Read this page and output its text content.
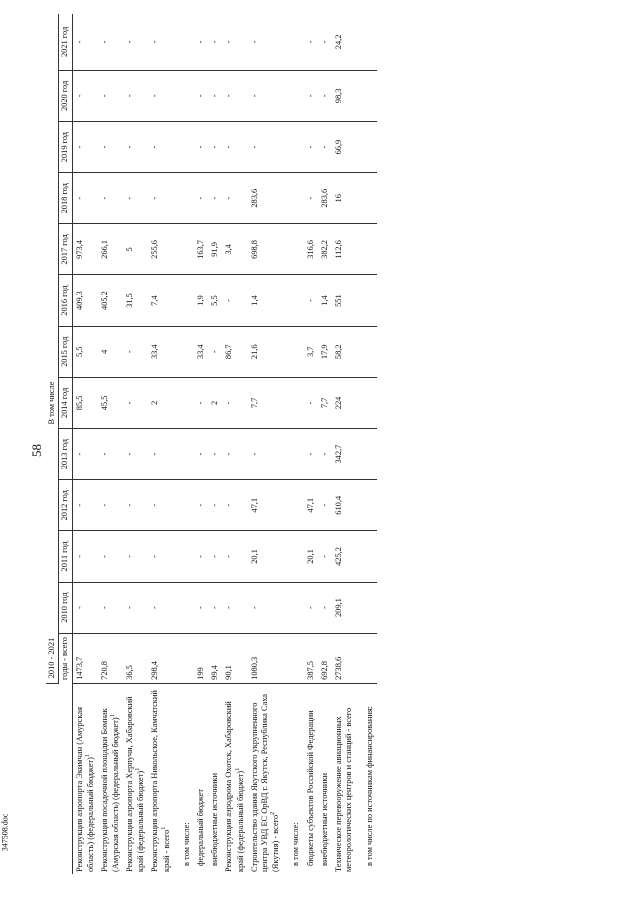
58
	2010 - 2021					В том числе							
	годы - всего	2010 год	2011 год	2012 год	2013 год	2014 год	2015 год	2016 год	2017 год	2018 год	2019 год	2020 год	2021 год
Реконструкция аэропорта Экимчан (Амурская область) (федеральный бюджет)$^1$	1473,7	-	-	-	-	85,5	5,5	409,3	973,4	-	-	-	-
Реконструкция посадочной площадки Бомнак (Амурская область) (федеральный бюджет)$^1$	720,8	-	-	-	-	45,5	4	405,2	266,1	-	-	-	-
Реконструкция аэропорта Херпучи, Хабаровский край (федеральный бюджет)$^1$	36,5	-	-	-	-	-	-	31,5	5	-	-	-	-
Реконструкция аэропорта Никольское, Камчатский край - всего$^1$	298,4	-	-	-	-	2	33,4	7,4	255,6	-	-	-	-
в том числе:													
федеральный бюджет	199	-	-	-	-	-	33,4	1,9	163,7	-	-	-	-
внебюджетные источники	99,4	-	-	-	-	2	-	5,5	91,9	-	-	-	-
Реконструкция аэродрома Охотск, Хабаровский край (федеральный бюджет)$^1$	90,1	-	-	-	-	-	86,7	-	3,4	-	-	-	-
Строительство здания Якутского укрупненного центра УВД ЕС ОрВД г. Якутск, Республика Саха (Якутия) - всего$^2$	1080,3	-	20,1	47,1	-	7,7	21,6	1,4	698,8	283,6	-	-	-
в том числе:													
бюджеты субъектов Российской Федерации	387,5	-	20,1	47,1	-	-	3,7	-	316,6	-	-	-	-
внебюджетные источники	692,8	-	-	-	-	7,7	17,9	1,4	382,2	283,6	-	-	-
Техническое перевооружение авиационных метеорологических центров и станций - всего	2738,6	209,1	425,2	610,4	342,7	224	58,2	551	112,6	16	66,9	98,3	24,2
в том числе по источникам финансирования:													
347508.doc
